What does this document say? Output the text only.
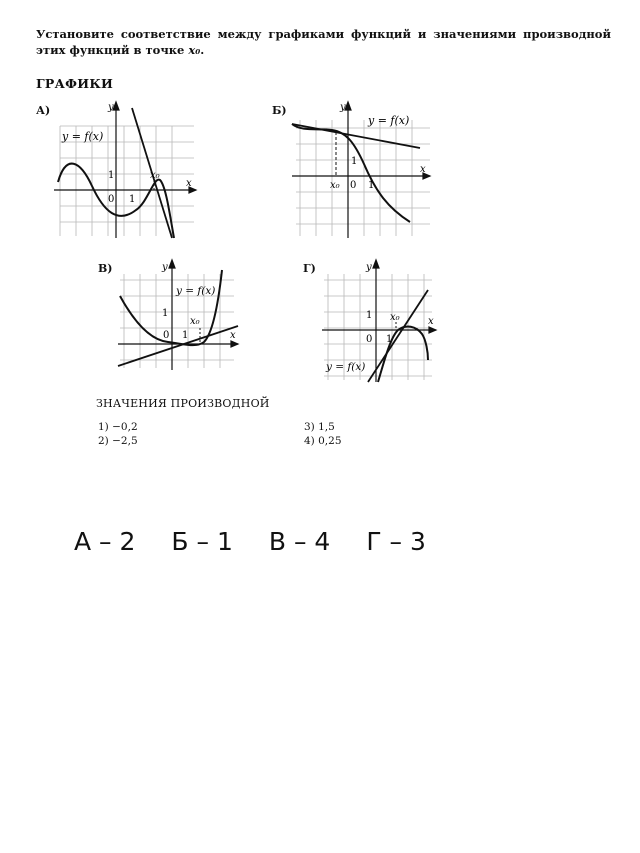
Установите соответствие между графиками функций и значениями производной этих функций в точке x₀.
ГРАФИКИ
А)
y = f(x)
y
x
0 1
1	x₀
Б)
y = f(x)
y
x
0 1
1
x₀
В)
y = f(x)
y
x
0 1
1
x₀
Г)
y = f(x)
y
x
0 1
1 x₀
ЗНАЧЕНИЯ ПРОИЗВОДНОЙ
1) −0,2
2) −2,5
3) 1,5
4) 0,25
А – 2 Б – 1 В – 4 Г – 3
